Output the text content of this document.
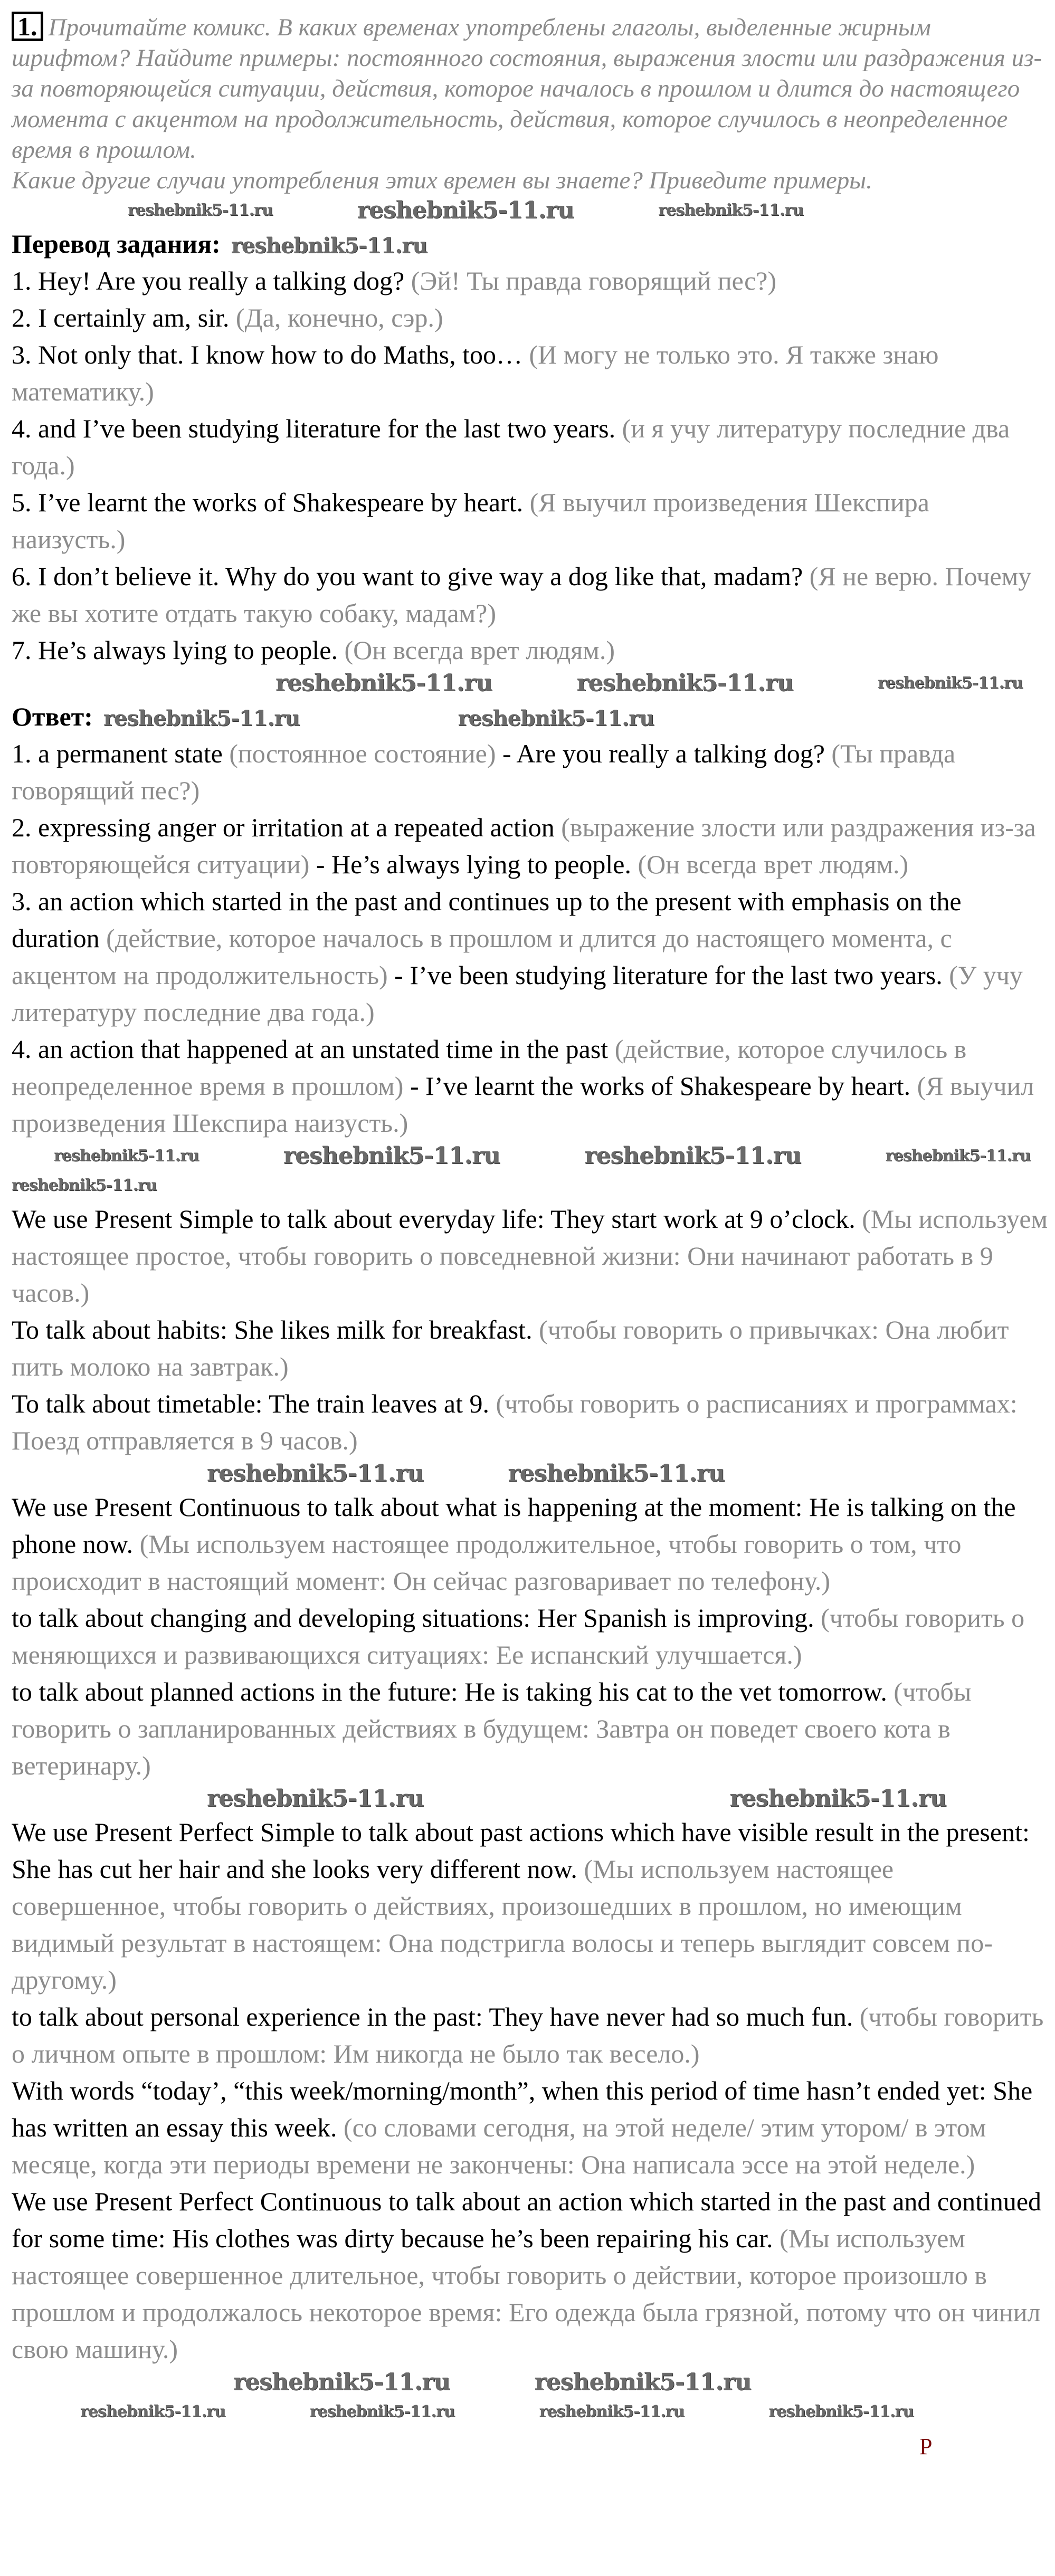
1. Прочитайте комикс. В каких временах употреблены глаголы, выделенные жирным шрифтом? Найдите примеры: постоянного состояния, выражения злости или раздражения из-за повторяющейся ситуации, действия, которое началось в прошлом и длится до настоящего момента с акцентом на продолжительность, действия, которое случилось в неопределенное время в прошлом.

Какие другие случаи употребления этих времен вы знаете? Приведите примеры.

reshebnik5-11.ru	reshebnik5-11.ru	reshebnik5-11.ru

Перевод задания: reshebnik5-11.ru

1. Hey! Are you really a talking dog? (Эй! Ты правда говорящий пес?)

2. I certainly am, sir. (Да, конечно, сэр.)

3. Not only that. I know how to do Maths, too… (И могу не только это. Я также знаю математику.)

4. and I’ve been studying literature for the last two years. (и я учу литературу последние два года.)

5. I’ve learnt the works of Shakespeare by heart. (Я выучил произведения Шекспира наизусть.)

6. I don’t believe it. Why do you want to give way a dog like that, madam? (Я не верю. Почему же вы хотите отдать такую собаку, мадам?)

7. He’s always lying to people. (Он всегда врет людям.)

reshebnik5-11.ru	reshebnik5-11.ru	reshebnik5-11.ru

Ответ: reshebnik5-11.ru	reshebnik5-11.ru

1. a permanent state (постоянное состояние) - Are you really a talking dog? (Ты правда говорящий пес?)

2. expressing anger or irritation at a repeated action (выражение злости или раздражения из-за повторяющейся ситуации) - He’s always lying to people. (Он всегда врет людям.)

3. an action which started in the past and continues up to the present with emphasis on the duration (действие, которое началось в прошлом и длится до настоящего момента, с акцентом на продолжительность) - I’ve been studying literature for the last two years. (У учу литературу последние два года.)

4. an action that happened at an unstated time in the past (действие, которое случилось в неопределенное время в прошлом) - I’ve learnt the works of Shakespeare by heart. (Я выучил произведения Шекспира наизусть.)

reshebnik5-11.ru	reshebnik5-11.ru	reshebnik5-11.ru	reshebnik5-11.ru
reshebnik5-11.ru

We use Present Simple to talk about everyday life: They start work at 9 o’clock. (Мы используем настоящее простое, чтобы говорить о повседневной жизни: Они начинают работать в 9 часов.)

To talk about habits: She likes milk for breakfast. (чтобы говорить о привычках: Она любит пить молоко на завтрак.)

To talk about timetable: The train leaves at 9. (чтобы говорить о расписаниях и программах: Поезд отправляется в 9 часов.)

reshebnik5-11.ru	reshebnik5-11.ru

We use Present Continuous to talk about what is happening at the moment: He is talking on the phone now. (Мы используем настоящее продолжительное, чтобы говорить о том, что происходит в настоящий момент: Он сейчас разговаривает по телефону.)

to talk about changing and developing situations: Her Spanish is improving. (чтобы говорить о меняющихся и развивающихся ситуациях: Ее испанский улучшается.)

to talk about planned actions in the future: He is taking his cat to the vet tomorrow. (чтобы говорить о запланированных действиях в будущем: Завтра он поведет своего кота в ветеринару.)

reshebnik5-11.ru	reshebnik5-11.ru

We use Present Perfect Simple to talk about past actions which have visible result in the present: She has cut her hair and she looks very different now. (Мы используем настоящее совершенное, чтобы говорить о действиях, произошедших в прошлом, но имеющим видимый результат в настоящем: Она подстригла волосы и теперь выглядит совсем по-другому.)

to talk about personal experience in the past: They have never had so much fun. (чтобы говорить о личном опыте в прошлом: Им никогда не было так весело.)

With words “today’, “this week/morning/month”, when this period of time hasn’t ended yet: She has written an essay this week. (со словами сегодня, на этой неделе/ этим утором/ в этом месяце, когда эти периоды времени не закончены: Она написала эссе на этой неделе.)

We use Present Perfect Continuous to talk about an action which started in the past and continued for some time: His clothes was dirty because he’s been repairing his car. (Мы используем настоящее совершенное длительное, чтобы говорить о действии, которое произошло в прошлом и продолжалось некоторое время: Его одежда была грязной, потому что он чинил свою машину.)

reshebnik5-11.ru	reshebnik5-11.ru
reshebnik5-11.ru	reshebnik5-11.ru	reshebnik5-11.ru	reshebnik5-11.ru
P
